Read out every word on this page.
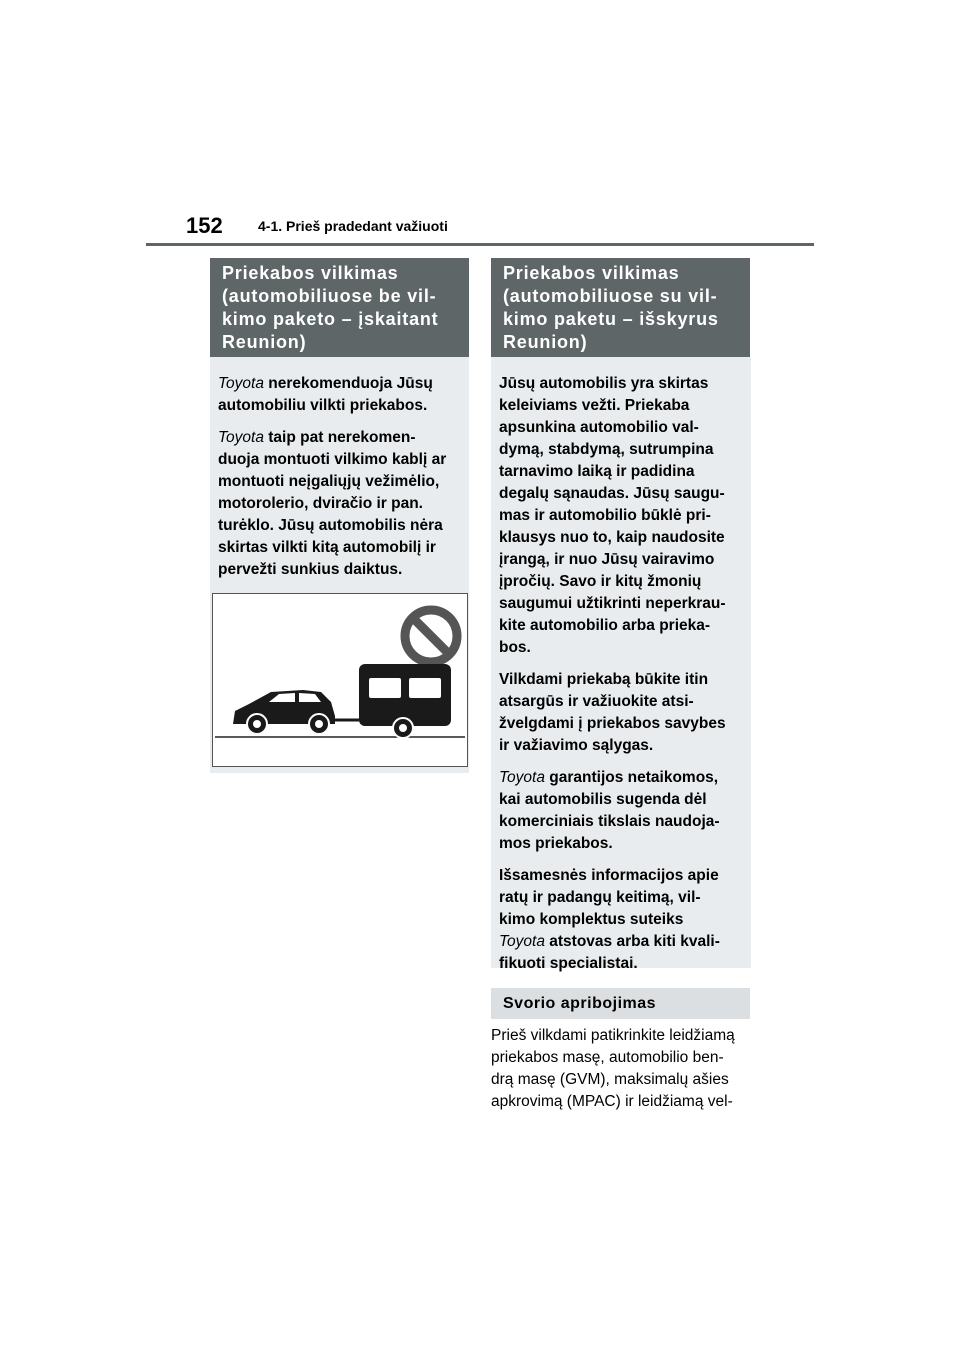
152	4-1. Prieš pradedant važiuoti
Priekabos vilkimas
(automobiliuose be vil-
kimo paketo – įskaitant
Reunion)

Toyota nerekomenduoja Jūsų
automobiliu vilkti priekabos.

Toyota taip pat nerekomen-
duoja montuoti vilkimo kablį ar
montuoti neįgaliųjų vežimėlio,
motorolerio, dviračio ir pan.
turėklo. Jūsų automobilis nėra
skirtas vilkti kitą automobilį ir
pervežti sunkius daiktus.

Priekabos vilkimas
(automobiliuose su vil-
kimo paketu – išskyrus
Reunion)

Jūsų automobilis yra skirtas
keleiviams vežti. Priekaba
apsunkina automobilio val-
dymą, stabdymą, sutrumpina
tarnavimo laiką ir padidina
degalų sąnaudas. Jūsų saugu-
mas ir automobilio būklė pri-
klausys nuo to, kaip naudosite
įrangą, ir nuo Jūsų vairavimo
įpročių. Savo ir kitų žmonių
saugumui užtikrinti neperkrau-
kite automobilio arba prieka-
bos.

Vilkdami priekabą būkite itin
atsargūs ir važiuokite atsi-
žvelgdami į priekabos savybes
ir važiavimo sąlygas.

Toyota garantijos netaikomos,
kai automobilis sugenda dėl
komerciniais tikslais naudoja-
mos priekabos.

Išsamesnės informacijos apie
ratų ir padangų keitimą, vil-
kimo komplektus suteiks
Toyota atstovas arba kiti kvali-
fikuoti specialistai.

Svorio apribojimas
Prieš vilkdami patikrinkite leidžiamą
priekabos masę, automobilio ben-
drą masę (GVM), maksimalų ašies
apkrovimą (MPAC) ir leidžiamą vel-
